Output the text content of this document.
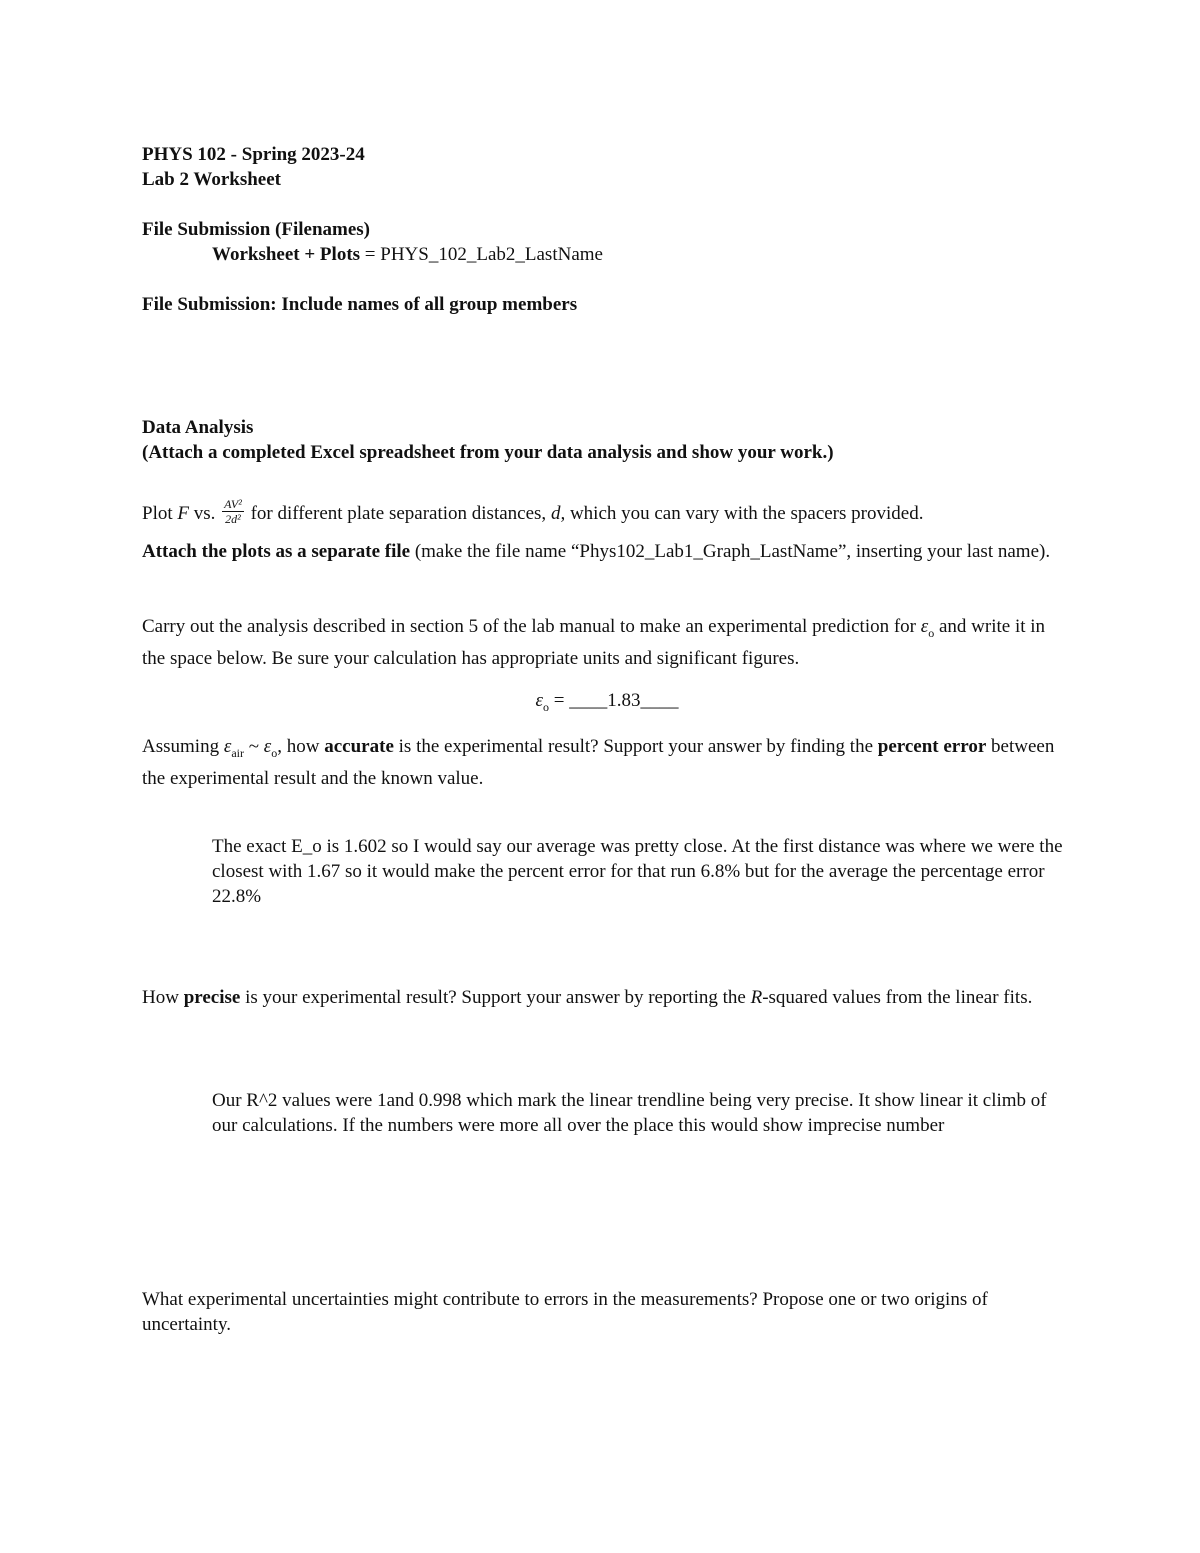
PHYS 102 - Spring 2023-24

Lab 2 Worksheet

File Submission (Filenames)

Worksheet + Plots = PHYS_102_Lab2_LastName

File Submission: Include names of all group members

Data Analysis

(Attach a completed Excel spreadsheet from your data analysis and show your work.)

Plot F vs. $\frac{\text{AV²}}{\text{2d²}}$ for different plate separation distances, d, which you can vary with the spacers provided.

Attach the plots as a separate file (make the file name “Phys102_Lab1_Graph_LastName”, inserting your last name).

Carry out the analysis described in section 5 of the lab manual to make an experimental prediction for $\varepsilon_o$ and write it in the space below. Be sure your calculation has appropriate units and significant figures.

$\varepsilon_o$ = ____1.83____

Assuming $\varepsilon_{air}$ ~ $\varepsilon_o$, how accurate is the experimental result? Support your answer by finding the percent error between the experimental result and the known value.

The exact E_o is 1.602 so I would say our average was pretty close. At the first distance was where we were the closest with 1.67 so it would make the percent error for that run 6.8% but for the average the percentage error 22.8%

How precise is your experimental result? Support your answer by reporting the R-squared values from the linear fits.

Our R^2 values were 1and 0.998 which mark the linear trendline being very precise. It show linear it climb of our calculations. If the numbers were more all over the place this would show imprecise number

What experimental uncertainties might contribute to errors in the measurements? Propose one or two origins of uncertainty.
